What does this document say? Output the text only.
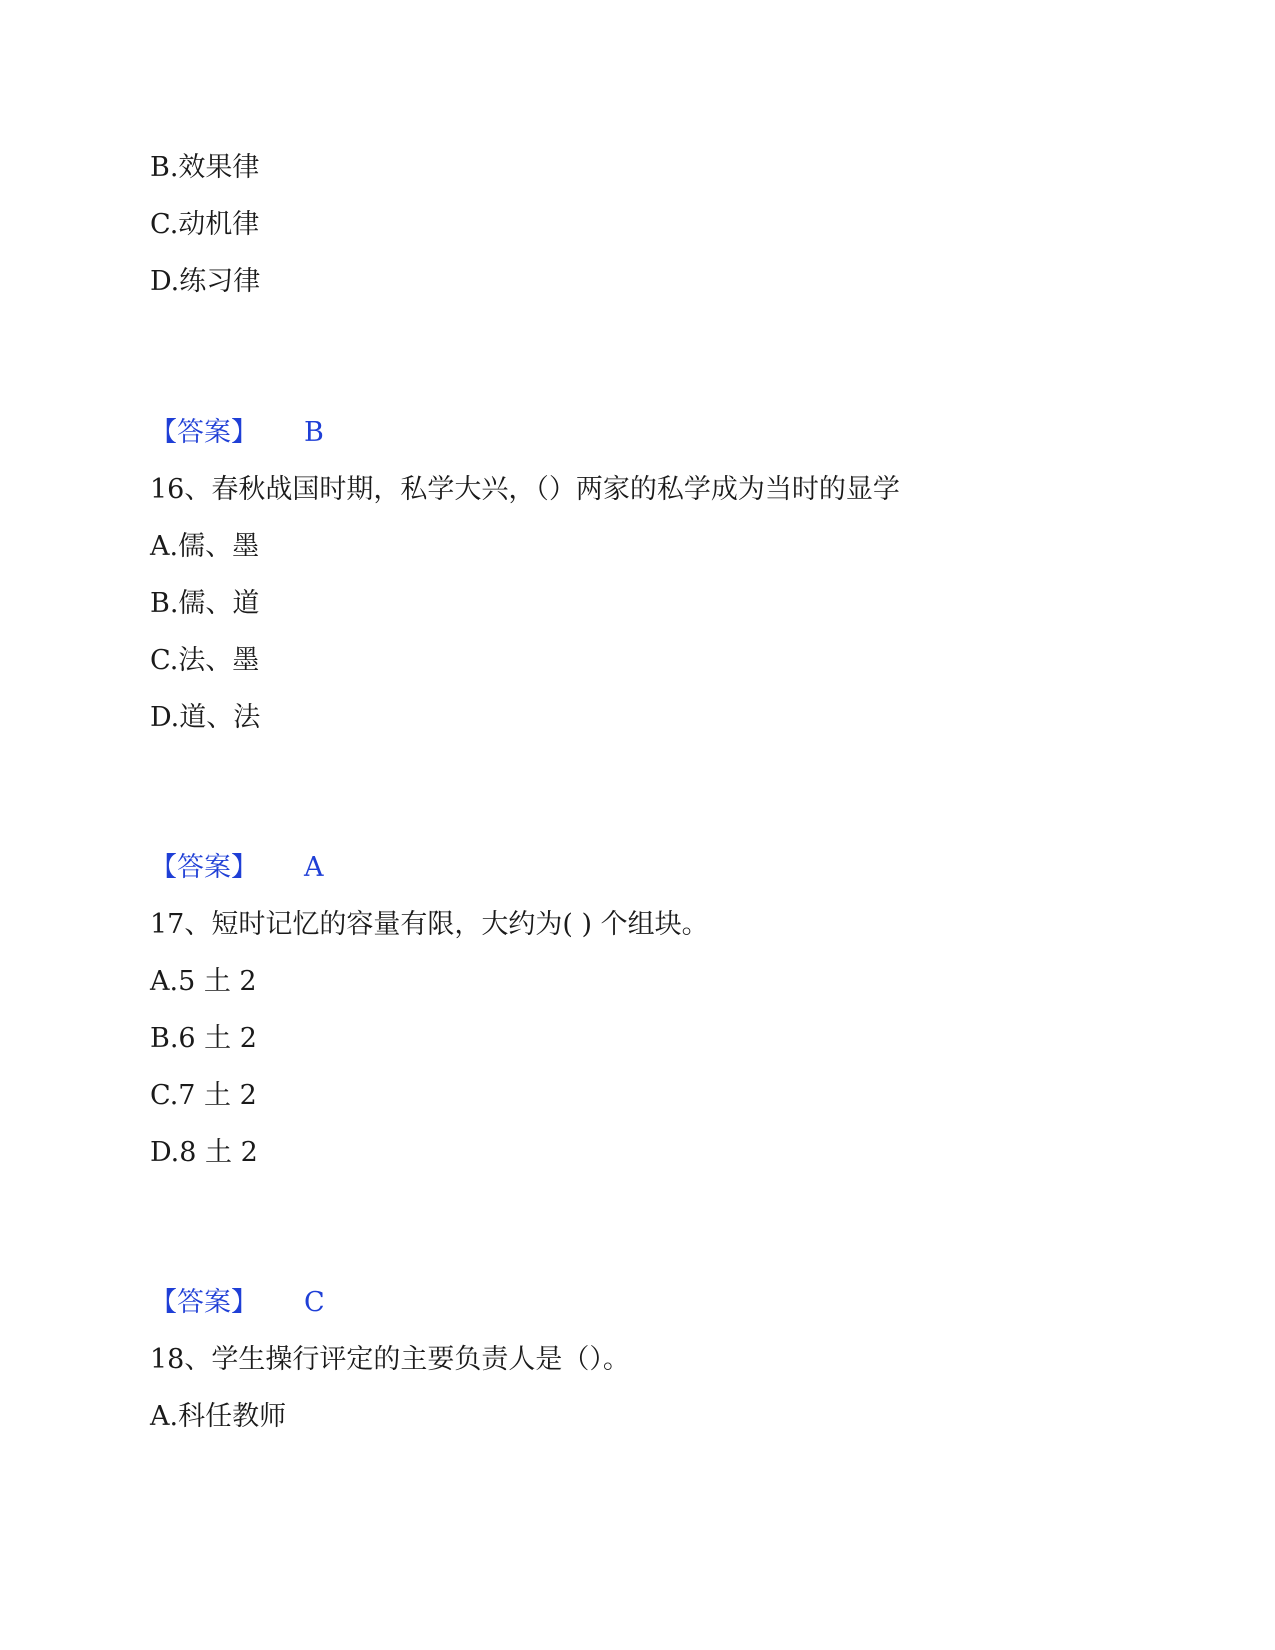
B.效果律
C.动机律
D.练习律
【答案】 B
16、春秋战国时期，私学大兴，（）两家的私学成为当时的显学
A.儒、墨
B.儒、道
C.法、墨
D.道、法
【答案】 A
17、短时记忆的容量有限，大约为( ) 个组块。
A.5 土 2
B.6 土 2
C.7 土 2
D.8 土 2
【答案】 C
18、学生操行评定的主要负责人是（）。
A.科任教师
